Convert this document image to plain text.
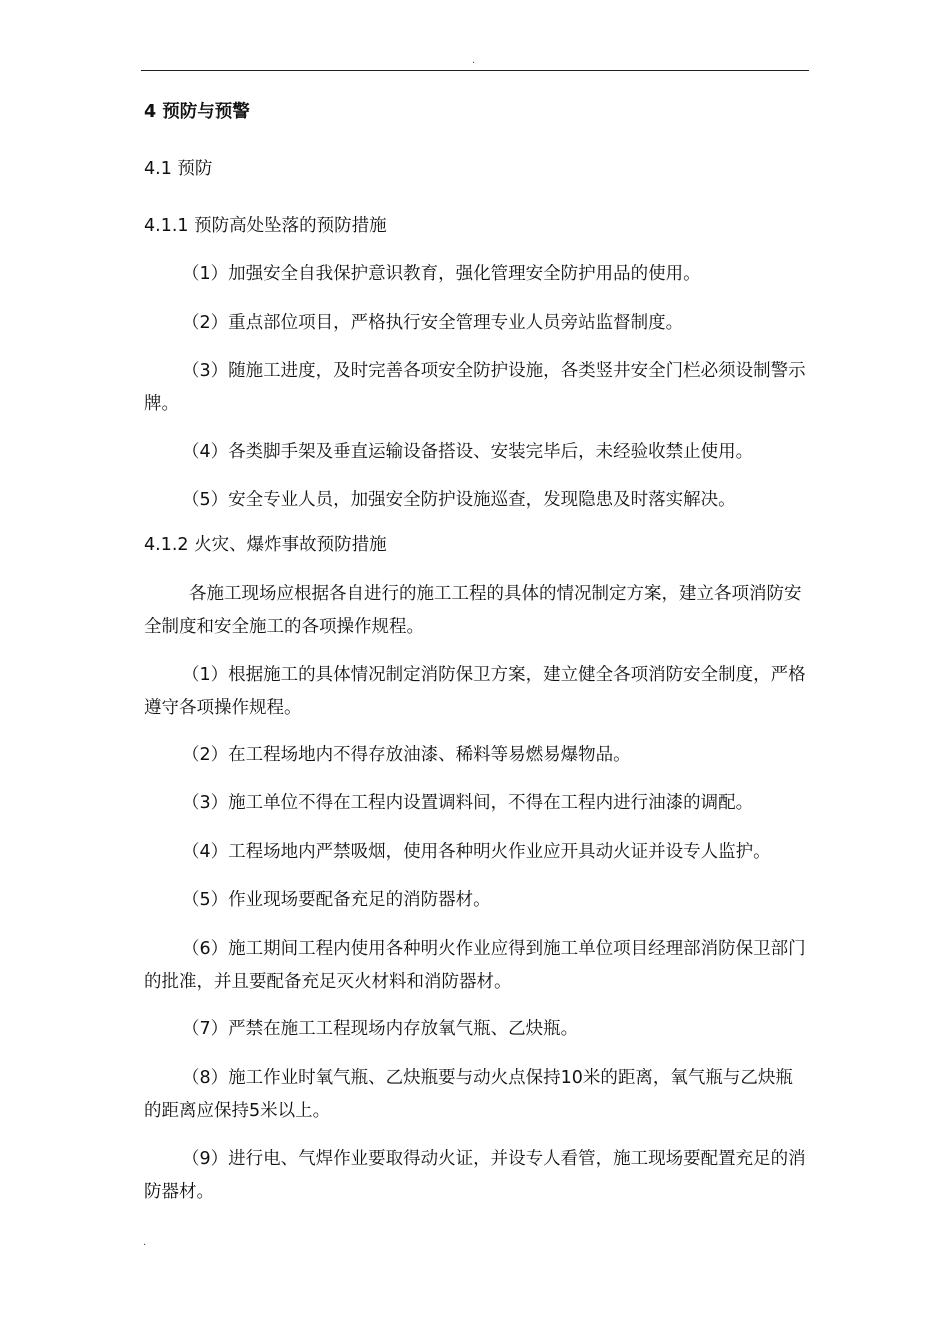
.
4 预防与预警
4.1 预防
4.1.1 预防高处坠落的预防措施
（1）加强安全自我保护意识教育，强化管理安全防护用品的使用。
（2）重点部位项目，严格执行安全管理专业人员旁站监督制度。
（3）随施工进度，及时完善各项安全防护设施，各类竖井安全门栏必须设制警示牌。
（4）各类脚手架及垂直运输设备搭设、安装完毕后，未经验收禁止使用。
（5）安全专业人员，加强安全防护设施巡查，发现隐患及时落实解决。
4.1.2 火灾、爆炸事故预防措施
各施工现场应根据各自进行的施工工程的具体的情况制定方案，建立各项消防安全制度和安全施工的各项操作规程。
（1）根据施工的具体情况制定消防保卫方案，建立健全各项消防安全制度，严格遵守各项操作规程。
（2）在工程场地内不得存放油漆、稀料等易燃易爆物品。
（3）施工单位不得在工程内设置调料间，不得在工程内进行油漆的调配。
（4）工程场地内严禁吸烟，使用各种明火作业应开具动火证并设专人监护。
（5）作业现场要配备充足的消防器材。
（6）施工期间工程内使用各种明火作业应得到施工单位项目经理部消防保卫部门的批准，并且要配备充足灭火材料和消防器材。
（7）严禁在施工工程现场内存放氧气瓶、乙炔瓶。
（8）施工作业时氧气瓶、乙炔瓶要与动火点保持10米的距离，氧气瓶与乙炔瓶的距离应保持5米以上。
（9）进行电、气焊作业要取得动火证，并设专人看管，施工现场要配置充足的消防器材。
.
